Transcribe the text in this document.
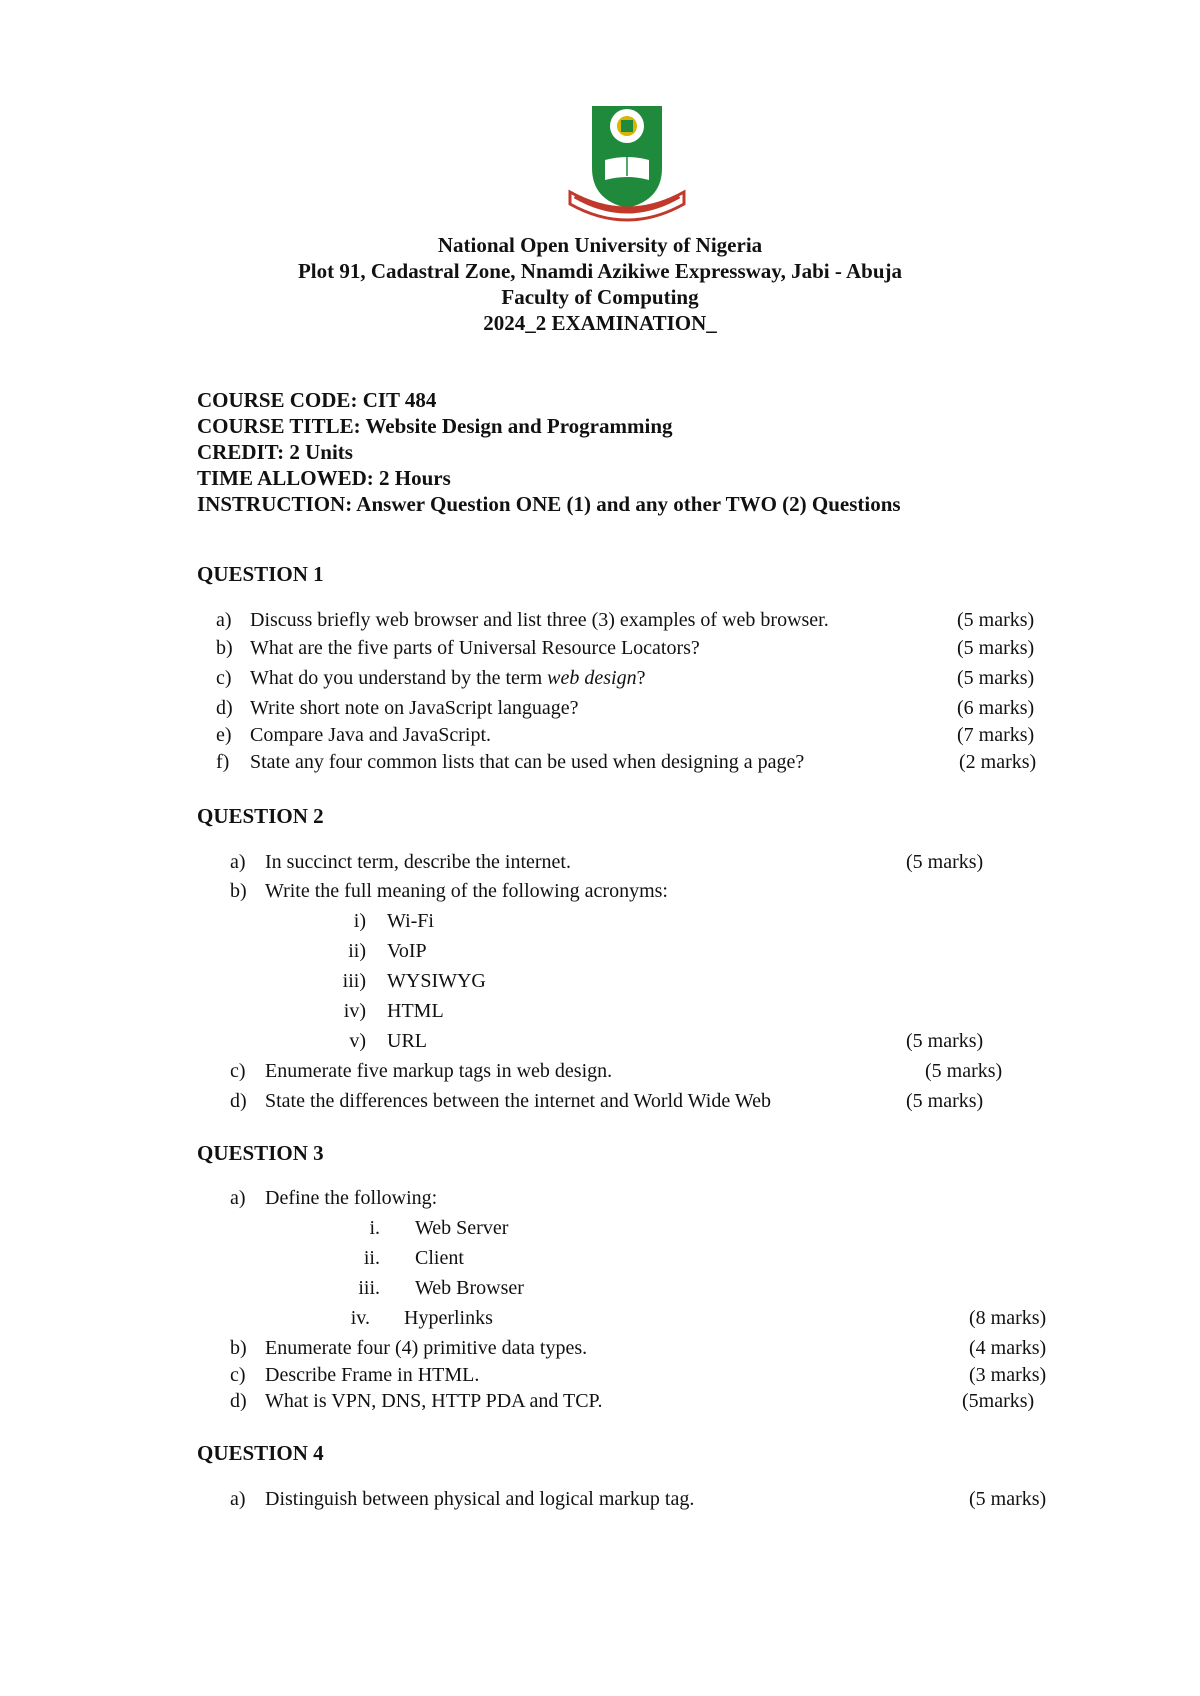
National Open University of Nigeria
Plot 91, Cadastral Zone, Nnamdi Azikiwe Expressway, Jabi - Abuja
Faculty of Computing
2024_2 EXAMINATION_
COURSE CODE: CIT 484
COURSE TITLE: Website Design and Programming
CREDIT: 2 Units
TIME ALLOWED: 2 Hours
INSTRUCTION: Answer Question ONE (1) and any other TWO (2) Questions
QUESTION 1
a) Discuss briefly web browser and list three (3) examples of web browser.	(5 marks)
b) What are the five parts of Universal Resource Locators?	(5 marks)
c) What do you understand by the term web design?	(5 marks)
d) Write short note on JavaScript language?	(6 marks)
e) Compare Java and JavaScript.	(7 marks)
f) State any four common lists that can be used when designing a page?	(2 marks)
QUESTION 2
a) In succinct term, describe the internet.	(5 marks)
b) Write the full meaning of the following acronyms:
i) Wi-Fi
ii) VoIP
iii) WYSIWYG
iv) HTML
v) URL	(5 marks)
c) Enumerate five markup tags in web design.	(5 marks)
d) State the differences between the internet and World Wide Web	(5 marks)
QUESTION 3
a) Define the following:
i. Web Server
ii. Client
iii. Web Browser
iv. Hyperlinks	(8 marks)
b) Enumerate four (4) primitive data types.	(4 marks)
c) Describe Frame in HTML.	(3 marks)
d) What is VPN, DNS, HTTP PDA and TCP.	(5marks)
QUESTION 4
a) Distinguish between physical and logical markup tag.	(5 marks)
